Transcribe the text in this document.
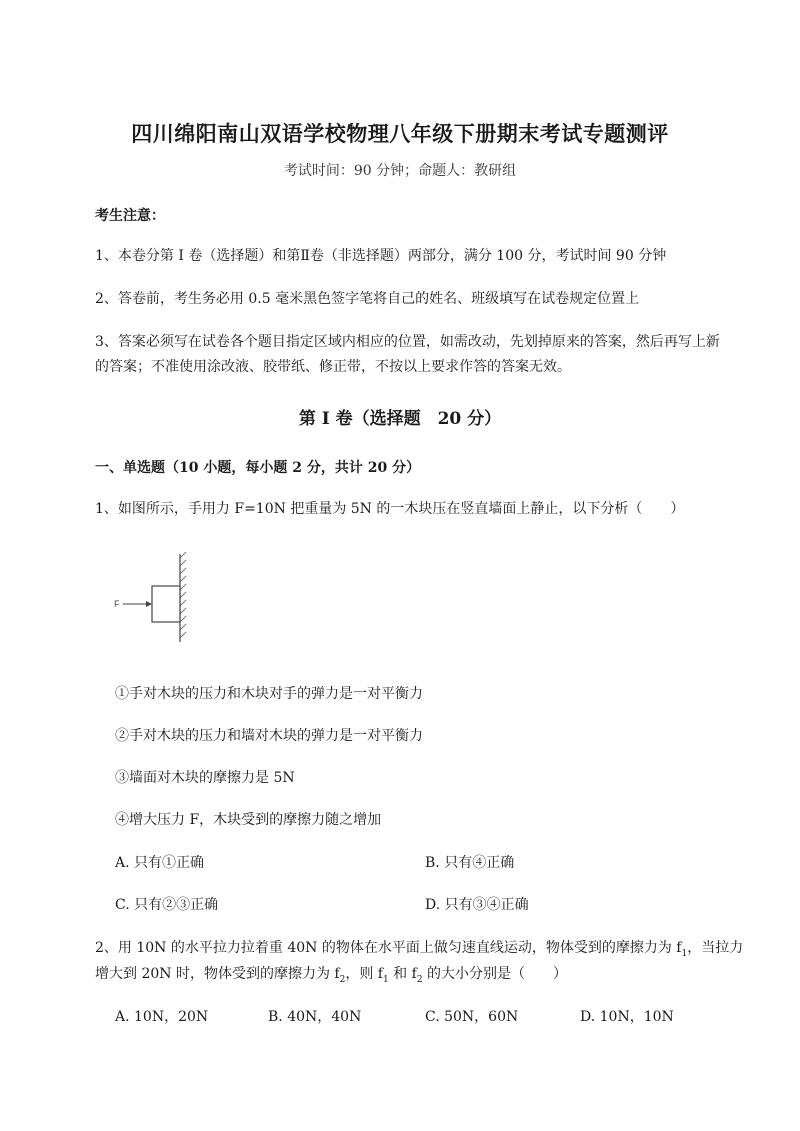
四川绵阳南山双语学校物理八年级下册期末考试专题测评
考试时间：90 分钟；命题人：教研组
考生注意：
1、本卷分第 I 卷（选择题）和第Ⅱ卷（非选择题）两部分，满分 100 分，考试时间 90 分钟
2、答卷前，考生务必用 0.5 毫米黑色签字笔将自己的姓名、班级填写在试卷规定位置上
3、答案必须写在试卷各个题目指定区域内相应的位置，如需改动，先划掉原来的答案，然后再写上新
的答案；不准使用涂改液、胶带纸、修正带，不按以上要求作答的答案无效。
第 I 卷（选择题　20 分）
一、单选题（10 小题，每小题 2 分，共计 20 分）
1、如图所示，手用力 F=10N 把重量为 5N 的一木块压在竖直墙面上静止，以下分析（　　）
F
①手对木块的压力和木块对手的弹力是一对平衡力
②手对木块的压力和墙对木块的弹力是一对平衡力
③墙面对木块的摩擦力是 5N
④增大压力 F，木块受到的摩擦力随之增加
A. 只有①正确	B. 只有④正确
C. 只有②③正确	D. 只有③④正确
2、用 10N 的水平拉力拉着重 40N 的物体在水平面上做匀速直线运动，物体受到的摩擦力为 $f_1$，当拉力
增大到 20N 时，物体受到的摩擦力为 $f_2$，则 $f_1$ 和 $f_2$ 的大小分别是（　　）
A. 10N，20N	B. 40N，40N	C. 50N，60N	D. 10N，10N
